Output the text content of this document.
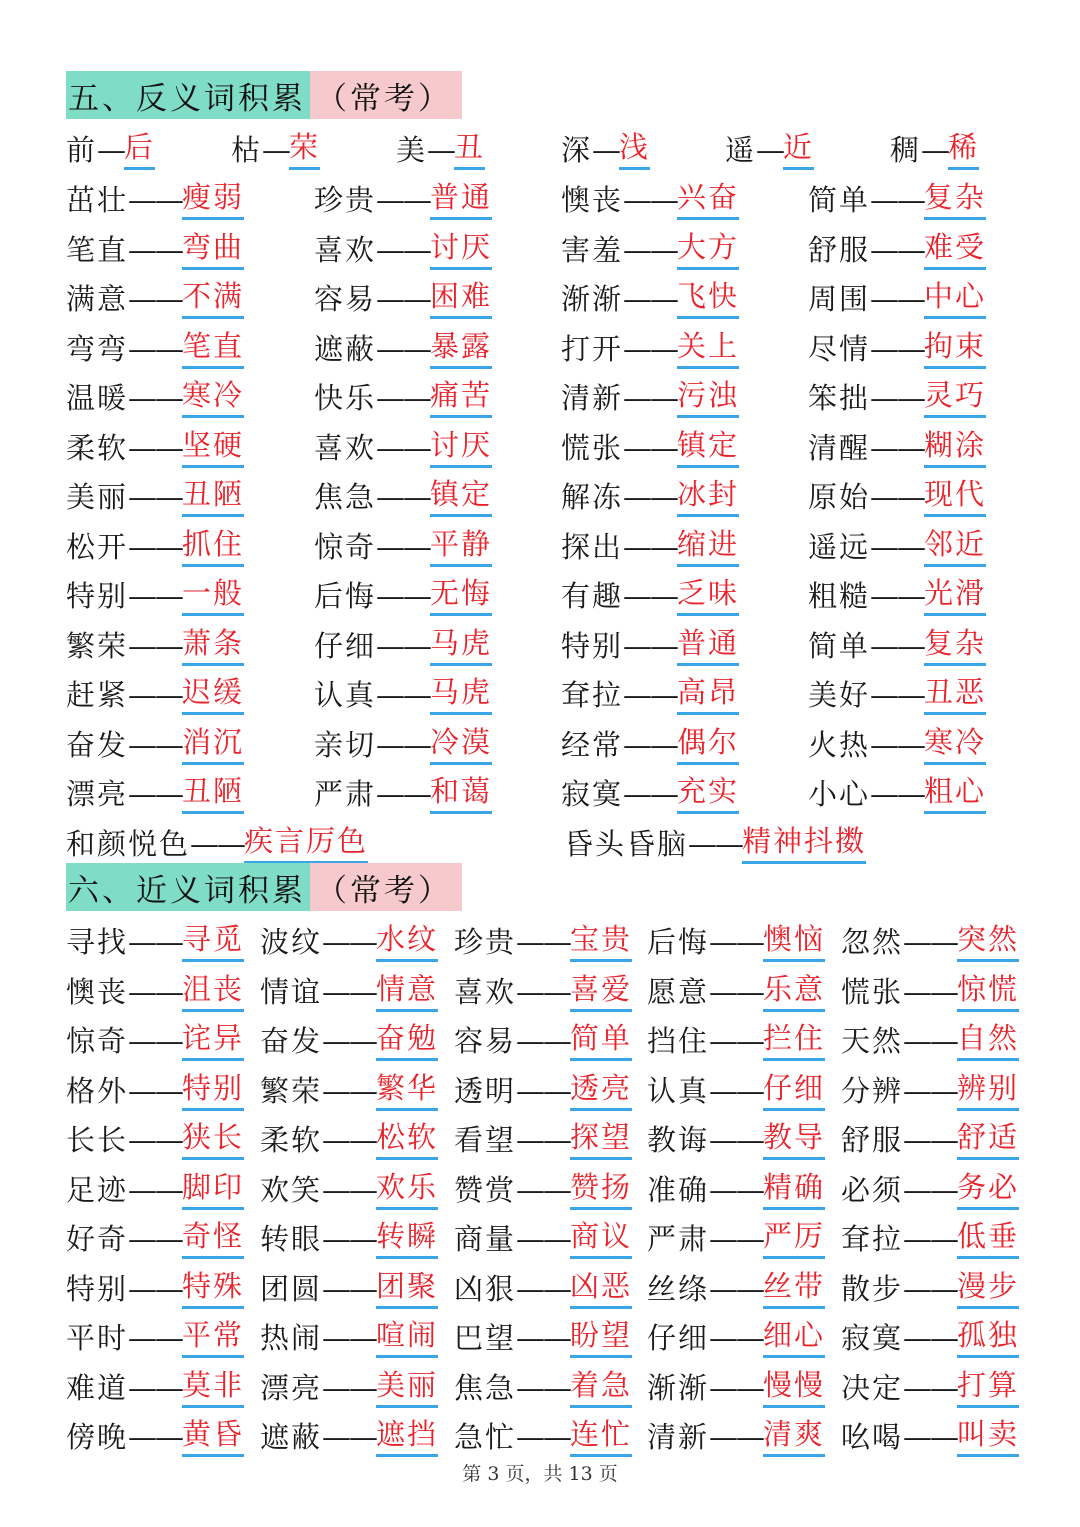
五、反义词积累 （常考）
前 — 后	枯 — 荣	美 — 丑	深 — 浅	遥 — 近	稠 — 稀
茁壮 —— 瘦弱 珍贵 —— 普通 懊丧 —— 兴奋 简单 —— 复杂
笔直 —— 弯曲 喜欢 —— 讨厌 害羞 —— 大方 舒服 —— 难受
满意 —— 不满 容易 —— 困难 渐渐 —— 飞快 周围 —— 中心
弯弯 —— 笔直 遮蔽 —— 暴露 打开 —— 关上 尽情 —— 拘束
温暖 —— 寒冷 快乐 —— 痛苦 清新 —— 污浊 笨拙 —— 灵巧
柔软 —— 坚硬 喜欢 —— 讨厌 慌张 —— 镇定 清醒 —— 糊涂
美丽 —— 丑陋 焦急 —— 镇定 解冻 —— 冰封 原始 —— 现代
松开 —— 抓住 惊奇 —— 平静 探出 —— 缩进 遥远 —— 邻近
特别 —— 一般 后悔 —— 无悔 有趣 —— 乏味 粗糙 —— 光滑
繁荣 —— 萧条 仔细 —— 马虎 特别 —— 普通 简单 —— 复杂
赶紧 —— 迟缓 认真 —— 马虎 耷拉 —— 高昂 美好 —— 丑恶
奋发 —— 消沉 亲切 —— 冷漠 经常 —— 偶尔 火热 —— 寒冷
漂亮 —— 丑陋 严肃 —— 和蔼 寂寞 —— 充实 小心 —— 粗心
和颜悦色 —— 疾言厉色	昏头昏脑 —— 精神抖擞
六、近义词积累 （常考）
寻找 —— 寻觅 波纹 —— 水纹 珍贵 —— 宝贵 后悔 —— 懊恼 忽然 —— 突然
懊丧 —— 沮丧 情谊 —— 情意 喜欢 —— 喜爱 愿意 —— 乐意 慌张 —— 惊慌
惊奇 —— 诧异 奋发 —— 奋勉 容易 —— 简单 挡住 —— 拦住 天然 —— 自然
格外 —— 特别 繁荣 —— 繁华 透明 —— 透亮 认真 —— 仔细 分辨 —— 辨别
长长 —— 狭长 柔软 —— 松软 看望 —— 探望 教诲 —— 教导 舒服 —— 舒适
足迹 —— 脚印 欢笑 —— 欢乐 赞赏 —— 赞扬 准确 —— 精确 必须 —— 务必
好奇 —— 奇怪 转眼 —— 转瞬 商量 —— 商议 严肃 —— 严厉 耷拉 —— 低垂
特别 —— 特殊 团圆 —— 团聚 凶狠 —— 凶恶 丝绦 —— 丝带 散步 —— 漫步
平时 —— 平常 热闹 —— 喧闹 巴望 —— 盼望 仔细 —— 细心 寂寞 —— 孤独
难道 —— 莫非 漂亮 —— 美丽 焦急 —— 着急 渐渐 —— 慢慢 决定 —— 打算
傍晚 —— 黄昏 遮蔽 —— 遮挡 急忙 —— 连忙 清新 —— 清爽 吆喝 —— 叫卖
第 3 页，共 13 页
